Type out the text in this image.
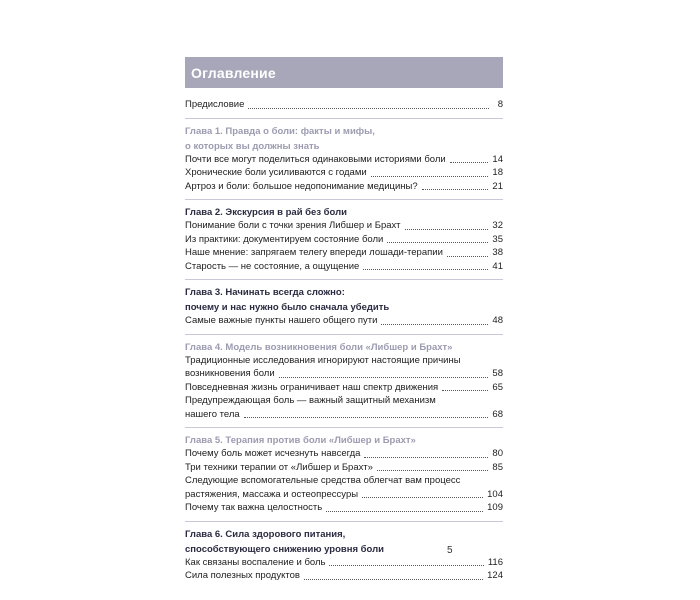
Оглавление
Предисловие	8
Глава 1. Правда о боли: факты и мифы,
о которых вы должны знать
Почти все могут поделиться одинаковыми историями боли	14
Хронические боли усиливаются с годами	18
Артроз и боли: большое недопонимание медицины?	21
Глава 2. Экскурсия в рай без боли
Понимание боли с точки зрения Либшер и Брахт	32
Из практики: документируем состояние боли	35
Наше мнение: запрягаем телегу впереди лошади-терапии	38
Старость — не состояние, а ощущение	41
Глава 3. Начинать всегда сложно:
почему и нас нужно было сначала убедить
Самые важные пункты нашего общего пути	48
Глава 4. Модель возникновения боли «Либшер и Брахт»
Традиционные исследования игнорируют настоящие причины
возникновения боли	58
Повседневная жизнь ограничивает наш спектр движения	65
Предупреждающая боль — важный защитный механизм
нашего тела	68
Глава 5. Терапия против боли «Либшер и Брахт»
Почему боль может исчезнуть навсегда	80
Три техники терапии от «Либшер и Брахт»	85
Следующие вспомогательные средства облегчат вам процесс
растяжения, массажа и остеопрессуры	104
Почему так важна целостность	109
Глава 6. Сила здорового питания,
способствующего снижению уровня боли
Как связаны воспаление и боль	116
Сила полезных продуктов	124
5
